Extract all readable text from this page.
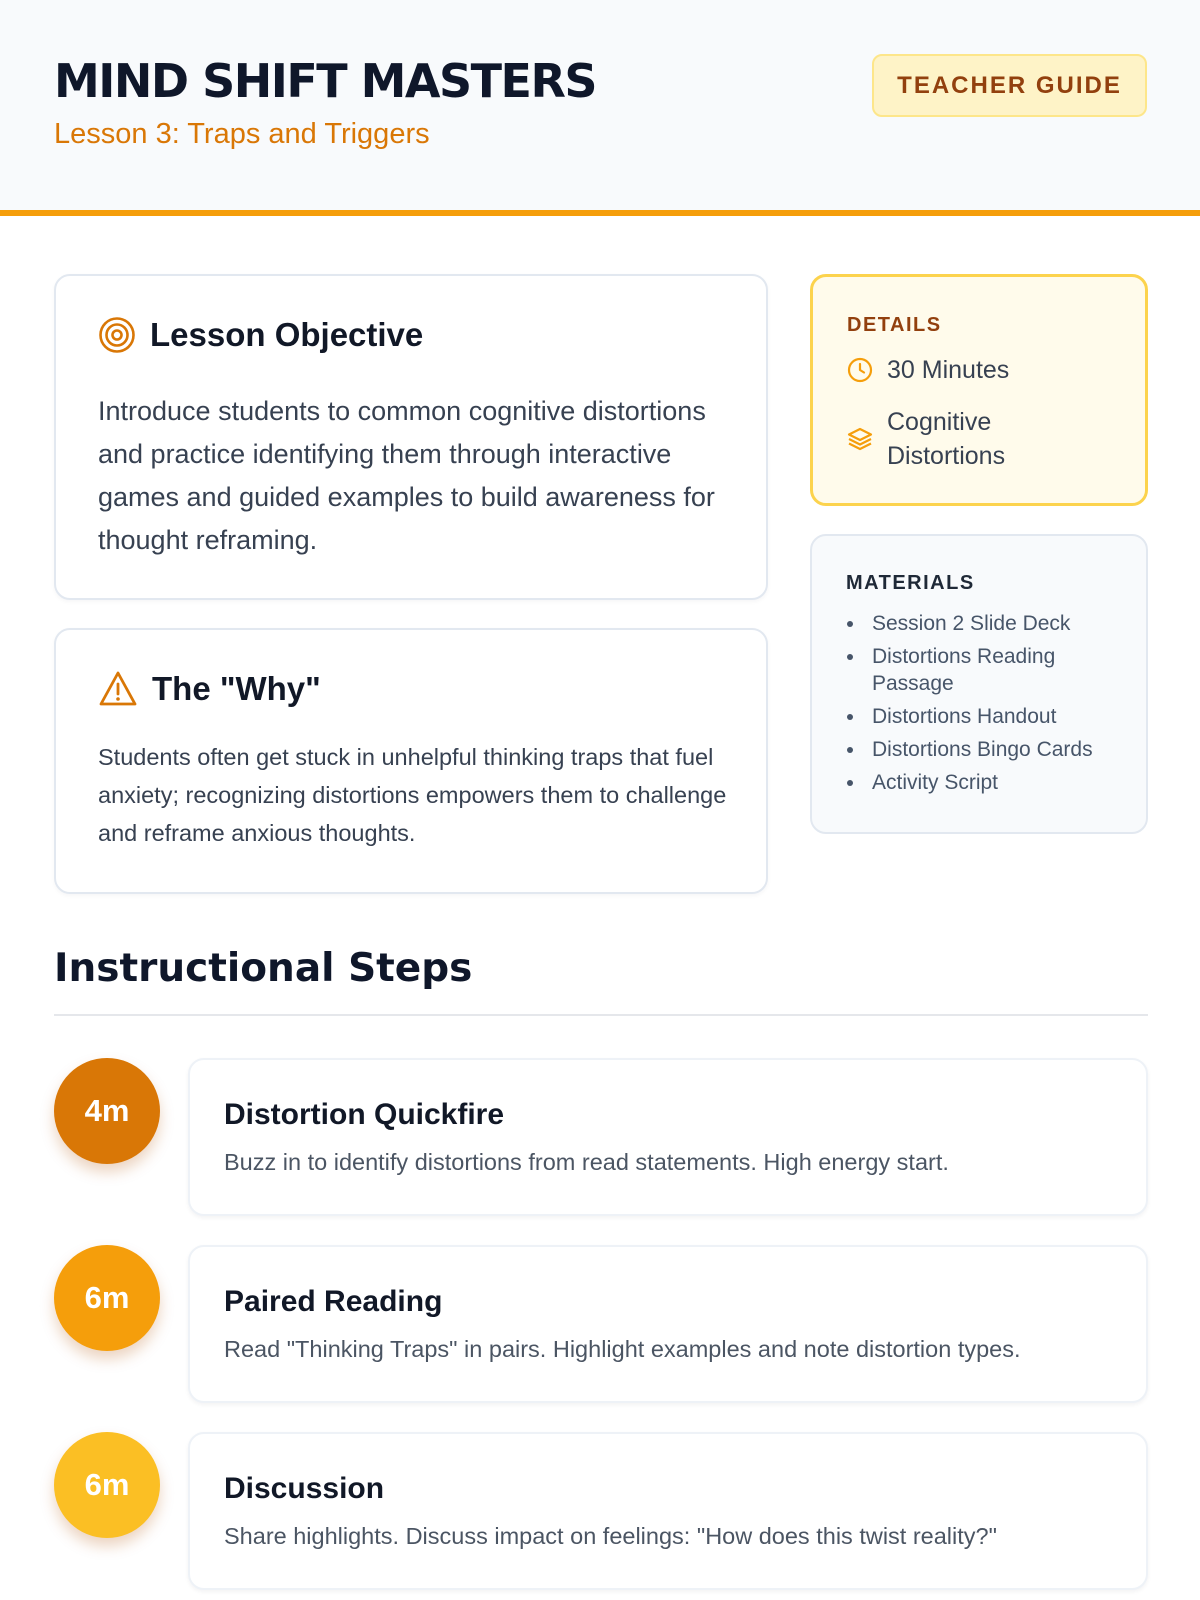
MIND SHIFT MASTERS
Lesson 3: Traps and Triggers
TEACHER GUIDE
Lesson Objective
Introduce students to common cognitive distortions and practice identifying them through interactive games and guided examples to build awareness for thought reframing.
The "Why"
Students often get stuck in unhelpful thinking traps that fuel anxiety; recognizing distortions empowers them to challenge and reframe anxious thoughts.
DETAILS
30 Minutes
Cognitive Distortions
MATERIALS
Session 2 Slide Deck
Distortions Reading Passage
Distortions Handout
Distortions Bingo Cards
Activity Script
Instructional Steps
4m	Distortion Quickfire
Buzz in to identify distortions from read statements. High energy start.
6m	Paired Reading
Read "Thinking Traps" in pairs. Highlight examples and note distortion types.
6m	Discussion
Share highlights. Discuss impact on feelings: "How does this twist reality?"
